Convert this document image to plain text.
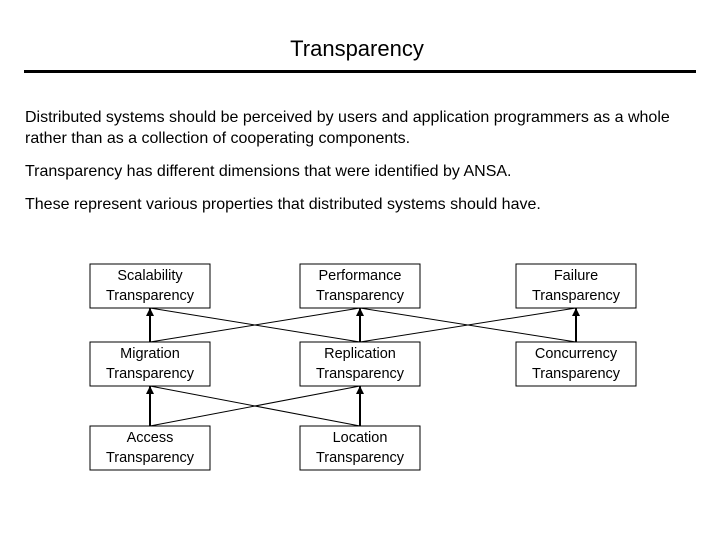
Transparency

Distributed systems should be perceived by users and application programmers as a whole rather than as a collection of cooperating components.

Transparency has different dimensions that were identified by ANSA.

These represent various properties that distributed systems should have.

Scalability
Transparency
Performance
Transparency
Failure
Transparency
Migration
Transparency
Replication
Transparency
Concurrency
Transparency
Access
Transparency
Location
Transparency
